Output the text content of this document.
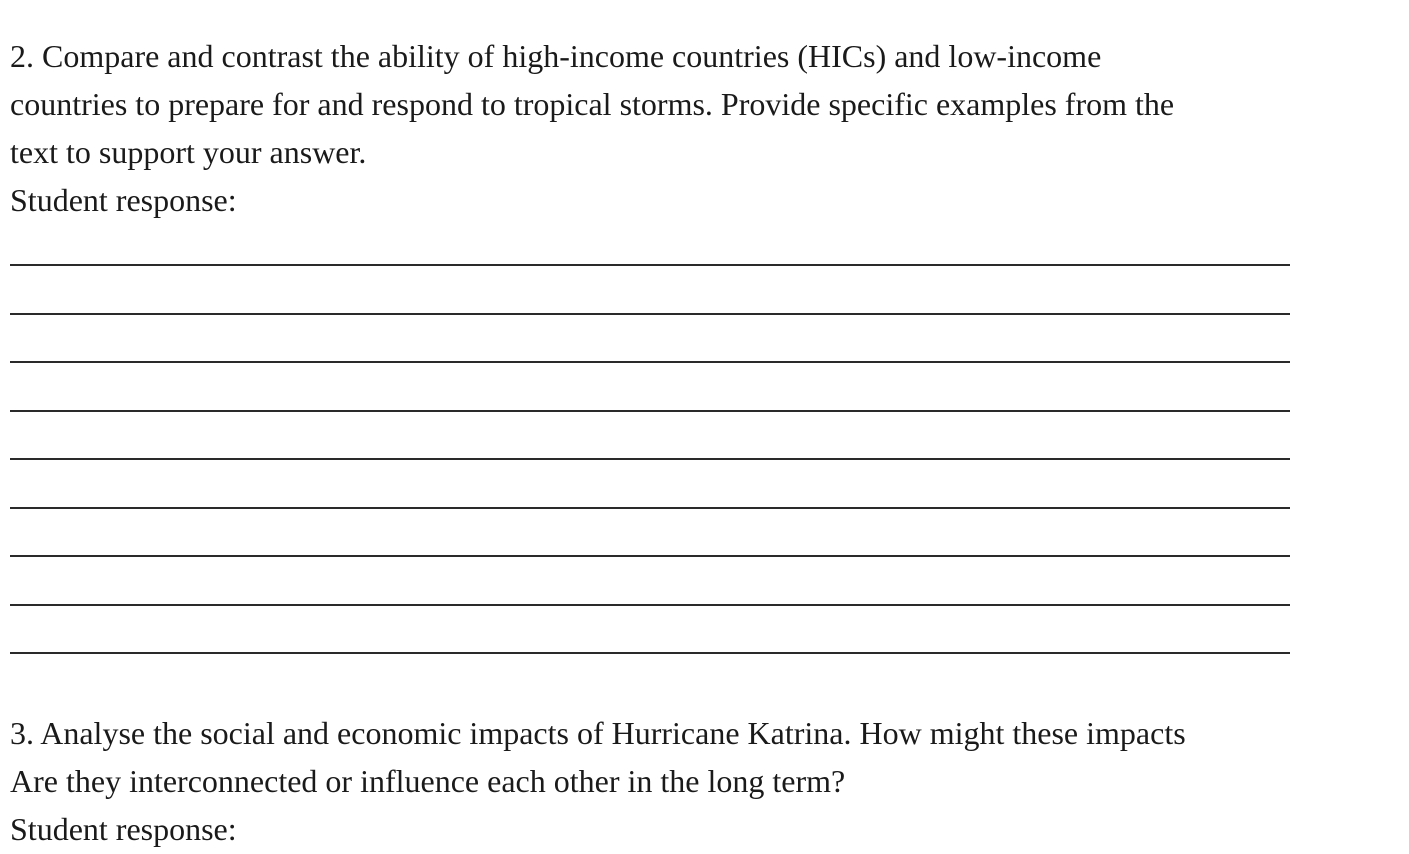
2. Compare and contrast the ability of high-income countries (HICs) and low-income
countries to prepare for and respond to tropical storms. Provide specific examples from the
text to support your answer.
Student response:
3. Analyse the social and economic impacts of Hurricane Katrina. How might these impacts
Are they interconnected or influence each other in the long term?
Student response:
